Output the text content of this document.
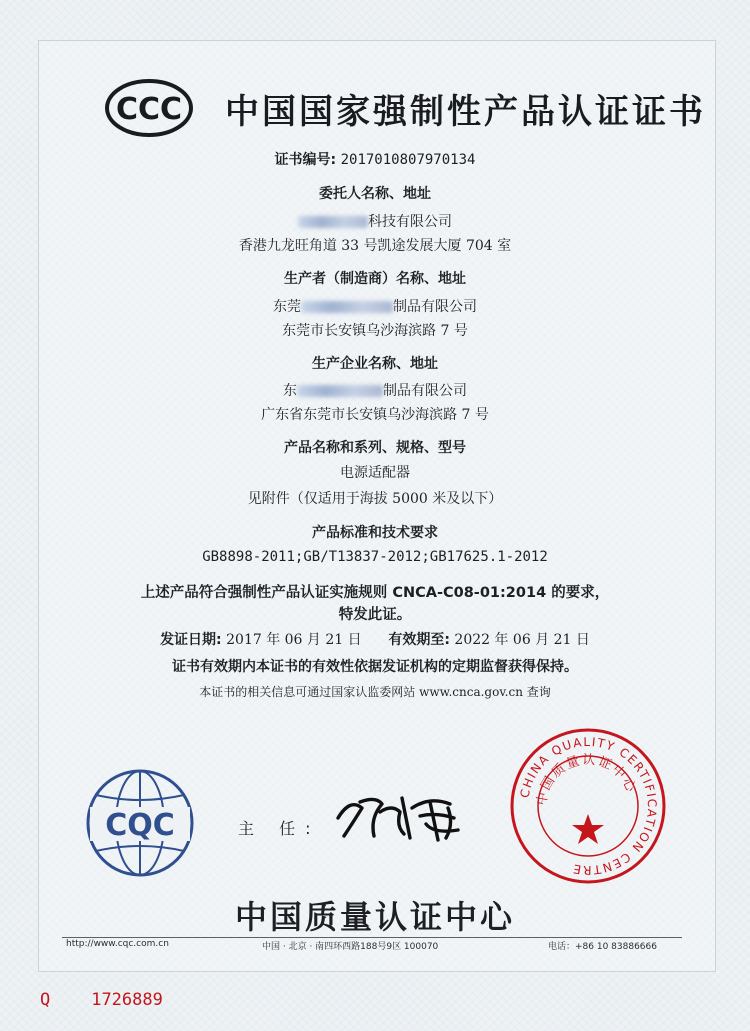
CCC 中国国家强制性产品认证证书
证书编号: 2017010807970134
委托人名称、地址
科技有限公司
香港九龙旺角道 33 号凯途发展大厦 704 室
生产者（制造商）名称、地址
东莞	制品有限公司
东莞市长安镇乌沙海滨路 7 号
生产企业名称、地址
东	制品有限公司
广东省东莞市长安镇乌沙海滨路 7 号
产品名称和系列、规格、型号
电源适配器
见附件（仅适用于海拔 5000 米及以下）
产品标准和技术要求
GB8898-2011;GB/T13837-2012;GB17625.1-2012
上述产品符合强制性产品认证实施规则 CNCA-C08-01:2014 的要求，
特发此证。
发证日期: 2017 年 06 月 21 日 有效期至: 2022 年 06 月 21 日
证书有效期内本证书的有效性依据发证机构的定期监督获得保持。
本证书的相关信息可通过国家认监委网站 www.cnca.gov.cn 查询
CQC	主 任:
CHINA QUALITY CERTIFICATION CENTRE
中国质量认证中心
中国质量认证中心
http://www.cqc.com.cn	中国 · 北京 · 南四环西路188号9区 100070	电话：+86 10 83886666
Q 1726889
